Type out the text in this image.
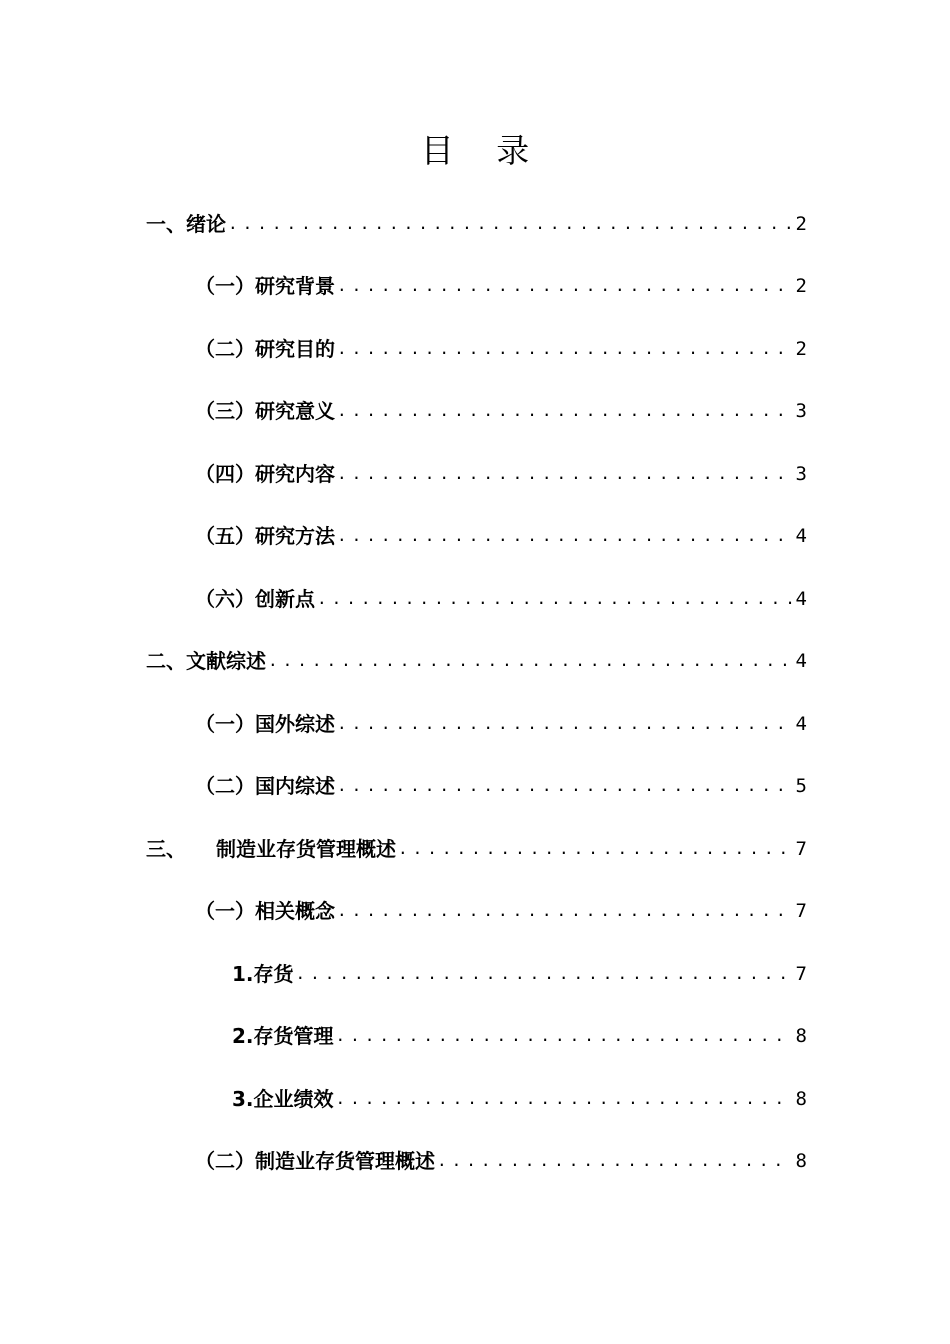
目 录
一、绪论 .....	2
（一）研究背景 .....	2
（二）研究目的 .....	2
（三）研究意义 .....	3
（四）研究内容 .....	3
（五）研究方法 .....	4
（六）创新点 .....	4
二、文献综述 .....	4
（一）国外综述 .....	4
（二）国内综述 .....	5
三、 制造业存货管理概述 .....	7
（一）相关概念 .....	7
1.存货 .....	7
2.存货管理 .....	8
3.企业绩效 .....	8
（二）制造业存货管理概述 .....	8
